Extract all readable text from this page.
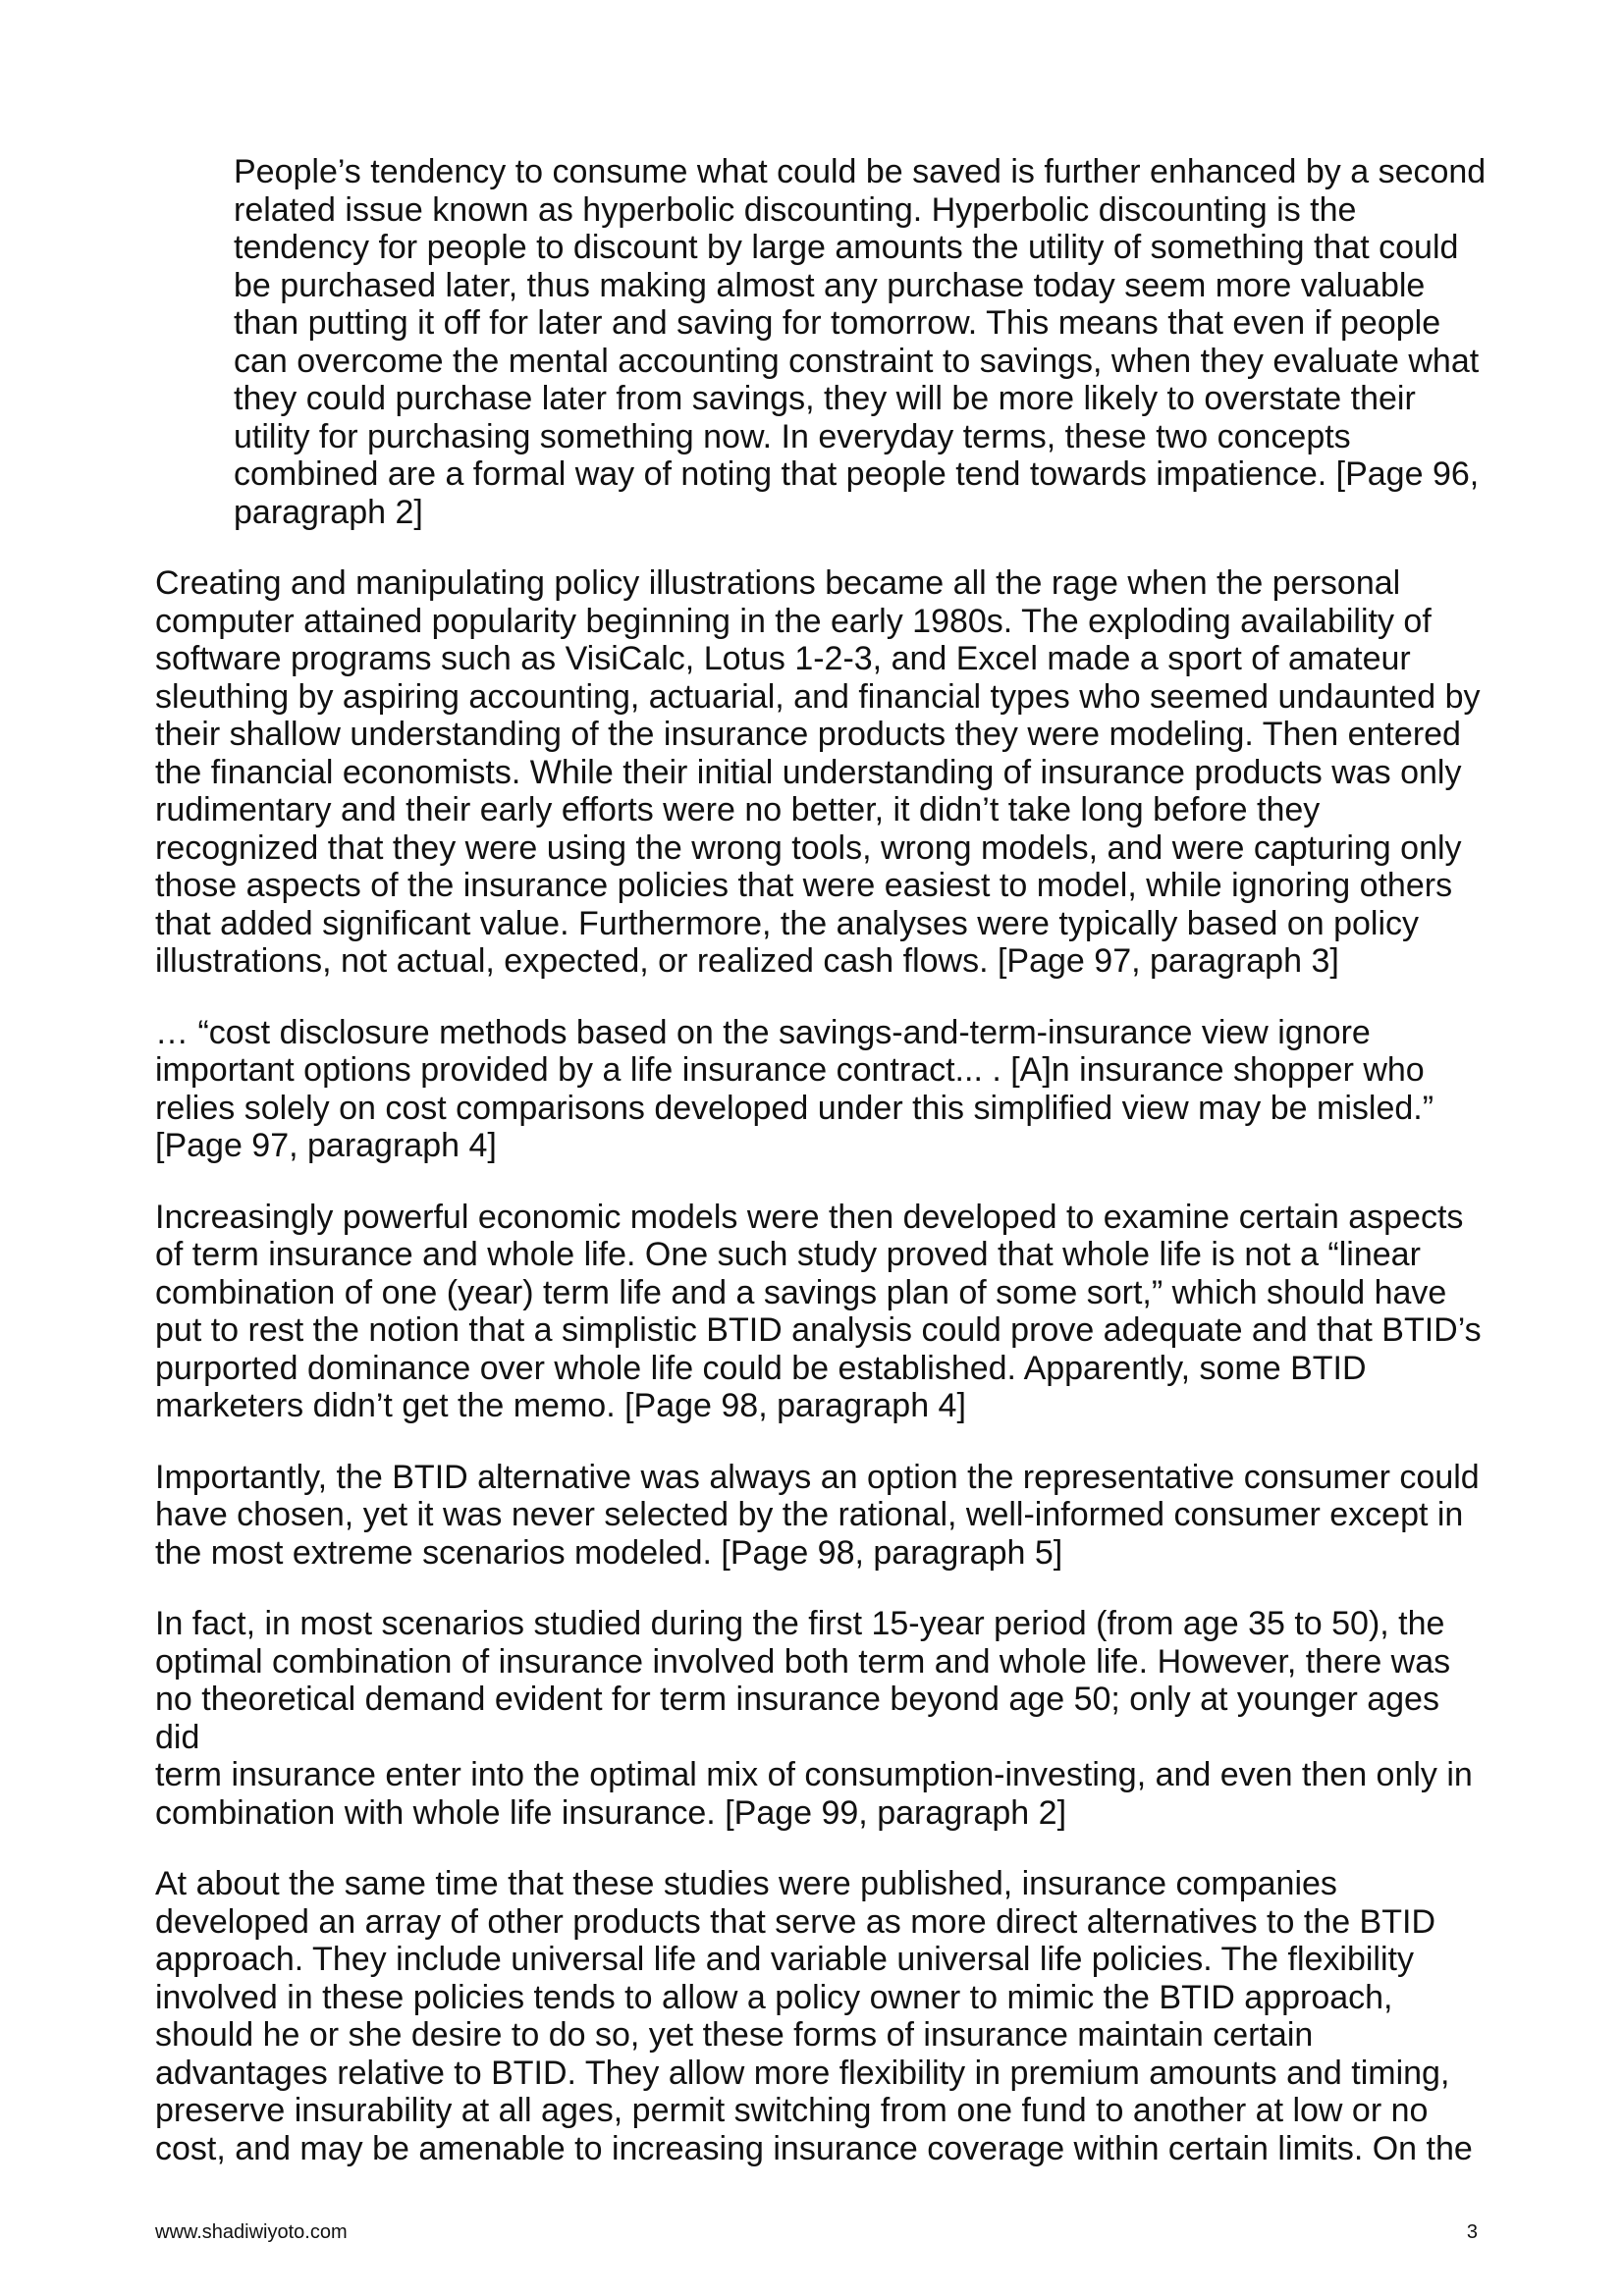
People’s tendency to consume what could be saved is further enhanced by a second
related issue known as hyperbolic discounting. Hyperbolic discounting is the
tendency for people to discount by large amounts the utility of something that could
be purchased later, thus making almost any purchase today seem more valuable
than putting it off for later and saving for tomorrow. This means that even if people
can overcome the mental accounting constraint to savings, when they evaluate what
they could purchase later from savings, they will be more likely to overstate their
utility for purchasing something now. In everyday terms, these two concepts
combined are a formal way of noting that people tend towards impatience. [Page 96,
paragraph 2]

Creating and manipulating policy illustrations became all the rage when the personal
computer attained popularity beginning in the early 1980s. The exploding availability of
software programs such as VisiCalc, Lotus 1-2-3, and Excel made a sport of amateur
sleuthing by aspiring accounting, actuarial, and financial types who seemed undaunted by
their shallow understanding of the insurance products they were modeling. Then entered
the financial economists. While their initial understanding of insurance products was only
rudimentary and their early efforts were no better, it didn’t take long before they
recognized that they were using the wrong tools, wrong models, and were capturing only
those aspects of the insurance policies that were easiest to model, while ignoring others
that added significant value. Furthermore, the analyses were typically based on policy
illustrations, not actual, expected, or realized cash flows. [Page 97, paragraph 3]

… “cost disclosure methods based on the savings-and-term-insurance view ignore
important options provided by a life insurance contract... . [A]n insurance shopper who
relies solely on cost comparisons developed under this simplified view may be misled.”
[Page 97, paragraph 4]

Increasingly powerful economic models were then developed to examine certain aspects
of term insurance and whole life. One such study proved that whole life is not a “linear
combination of one (year) term life and a savings plan of some sort,” which should have
put to rest the notion that a simplistic BTID analysis could prove adequate and that BTID’s
purported dominance over whole life could be established. Apparently, some BTID
marketers didn’t get the memo. [Page 98, paragraph 4]

Importantly, the BTID alternative was always an option the representative consumer could
have chosen, yet it was never selected by the rational, well-informed consumer except in
the most extreme scenarios modeled. [Page 98, paragraph 5]

In fact, in most scenarios studied during the first 15-year period (from age 35 to 50), the
optimal combination of insurance involved both term and whole life. However, there was
no theoretical demand evident for term insurance beyond age 50; only at younger ages did
term insurance enter into the optimal mix of consumption-investing, and even then only in
combination with whole life insurance. [Page 99, paragraph 2]

At about the same time that these studies were published, insurance companies
developed an array of other products that serve as more direct alternatives to the BTID
approach. They include universal life and variable universal life policies. The flexibility
involved in these policies tends to allow a policy owner to mimic the BTID approach,
should he or she desire to do so, yet these forms of insurance maintain certain
advantages relative to BTID. They allow more flexibility in premium amounts and timing,
preserve insurability at all ages, permit switching from one fund to another at low or no
cost, and may be amenable to increasing insurance coverage within certain limits. On the

www.shadiwiyoto.com	3
